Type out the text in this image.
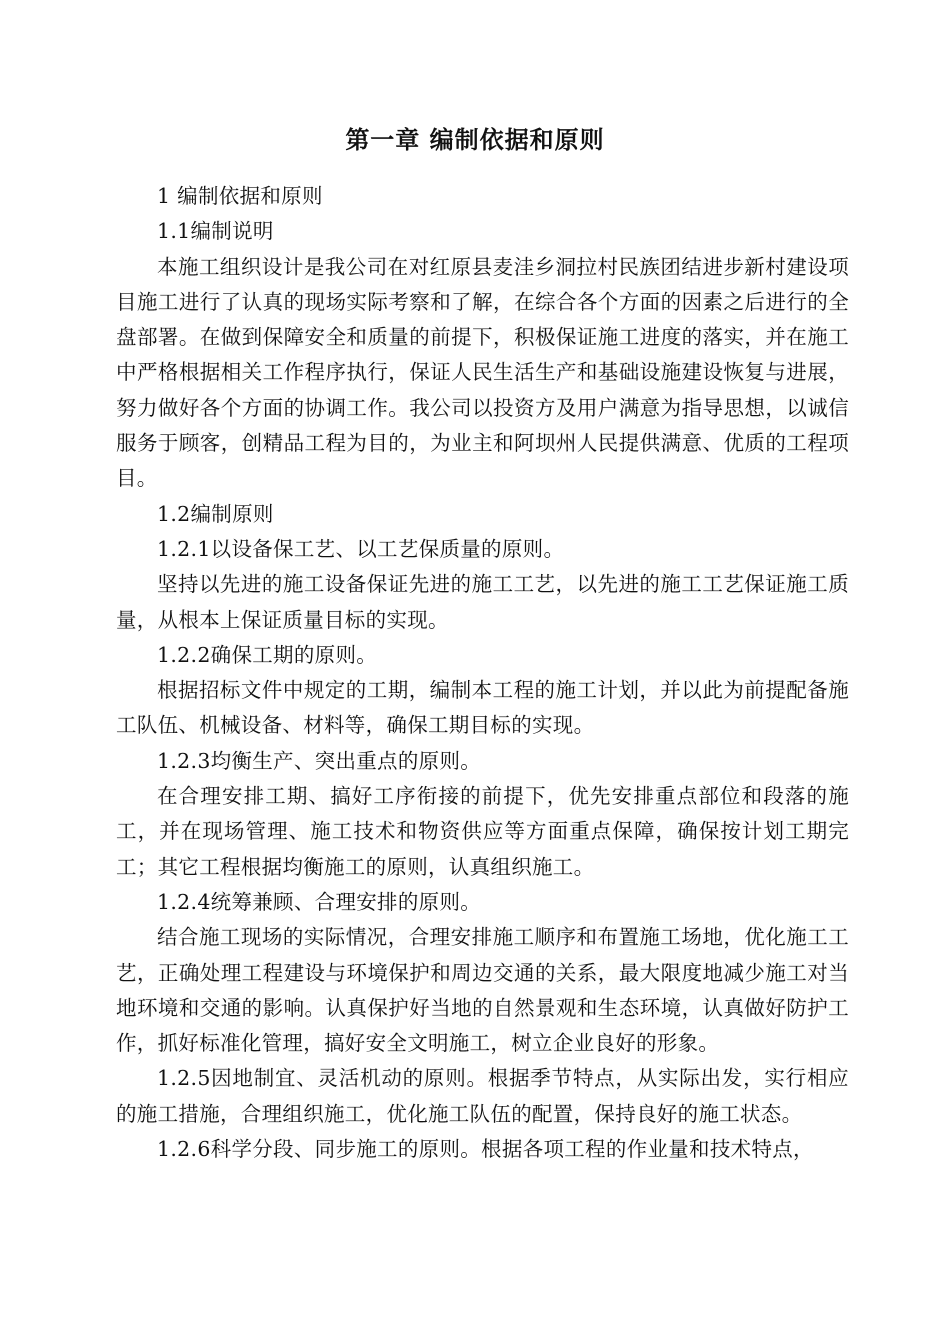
第一章 编制依据和原则

1 编制依据和原则

1.1编制说明

本施工组织设计是我公司在对红原县麦洼乡洞拉村民族团结进步新村建设项目施工进行了认真的现场实际考察和了解，在综合各个方面的因素之后进行的全盘部署。在做到保障安全和质量的前提下，积极保证施工进度的落实，并在施工中严格根据相关工作程序执行，保证人民生活生产和基础设施建设恢复与进展，努力做好各个方面的协调工作。我公司以投资方及用户满意为指导思想，以诚信服务于顾客，创精品工程为目的，为业主和阿坝州人民提供满意、优质的工程项目。

1.2编制原则

1.2.1以设备保工艺、以工艺保质量的原则。

坚持以先进的施工设备保证先进的施工工艺，以先进的施工工艺保证施工质量，从根本上保证质量目标的实现。

1.2.2确保工期的原则。

根据招标文件中规定的工期，编制本工程的施工计划，并以此为前提配备施工队伍、机械设备、材料等，确保工期目标的实现。

1.2.3均衡生产、突出重点的原则。

在合理安排工期、搞好工序衔接的前提下，优先安排重点部位和段落的施工，并在现场管理、施工技术和物资供应等方面重点保障，确保按计划工期完工；其它工程根据均衡施工的原则，认真组织施工。

1.2.4统筹兼顾、合理安排的原则。

结合施工现场的实际情况，合理安排施工顺序和布置施工场地，优化施工工艺，正确处理工程建设与环境保护和周边交通的关系，最大限度地减少施工对当地环境和交通的影响。认真保护好当地的自然景观和生态环境，认真做好防护工作，抓好标准化管理，搞好安全文明施工，树立企业良好的形象。

1.2.5因地制宜、灵活机动的原则。根据季节特点，从实际出发，实行相应的施工措施，合理组织施工，优化施工队伍的配置，保持良好的施工状态。

1.2.6科学分段、同步施工的原则。根据各项工程的作业量和技术特点，
